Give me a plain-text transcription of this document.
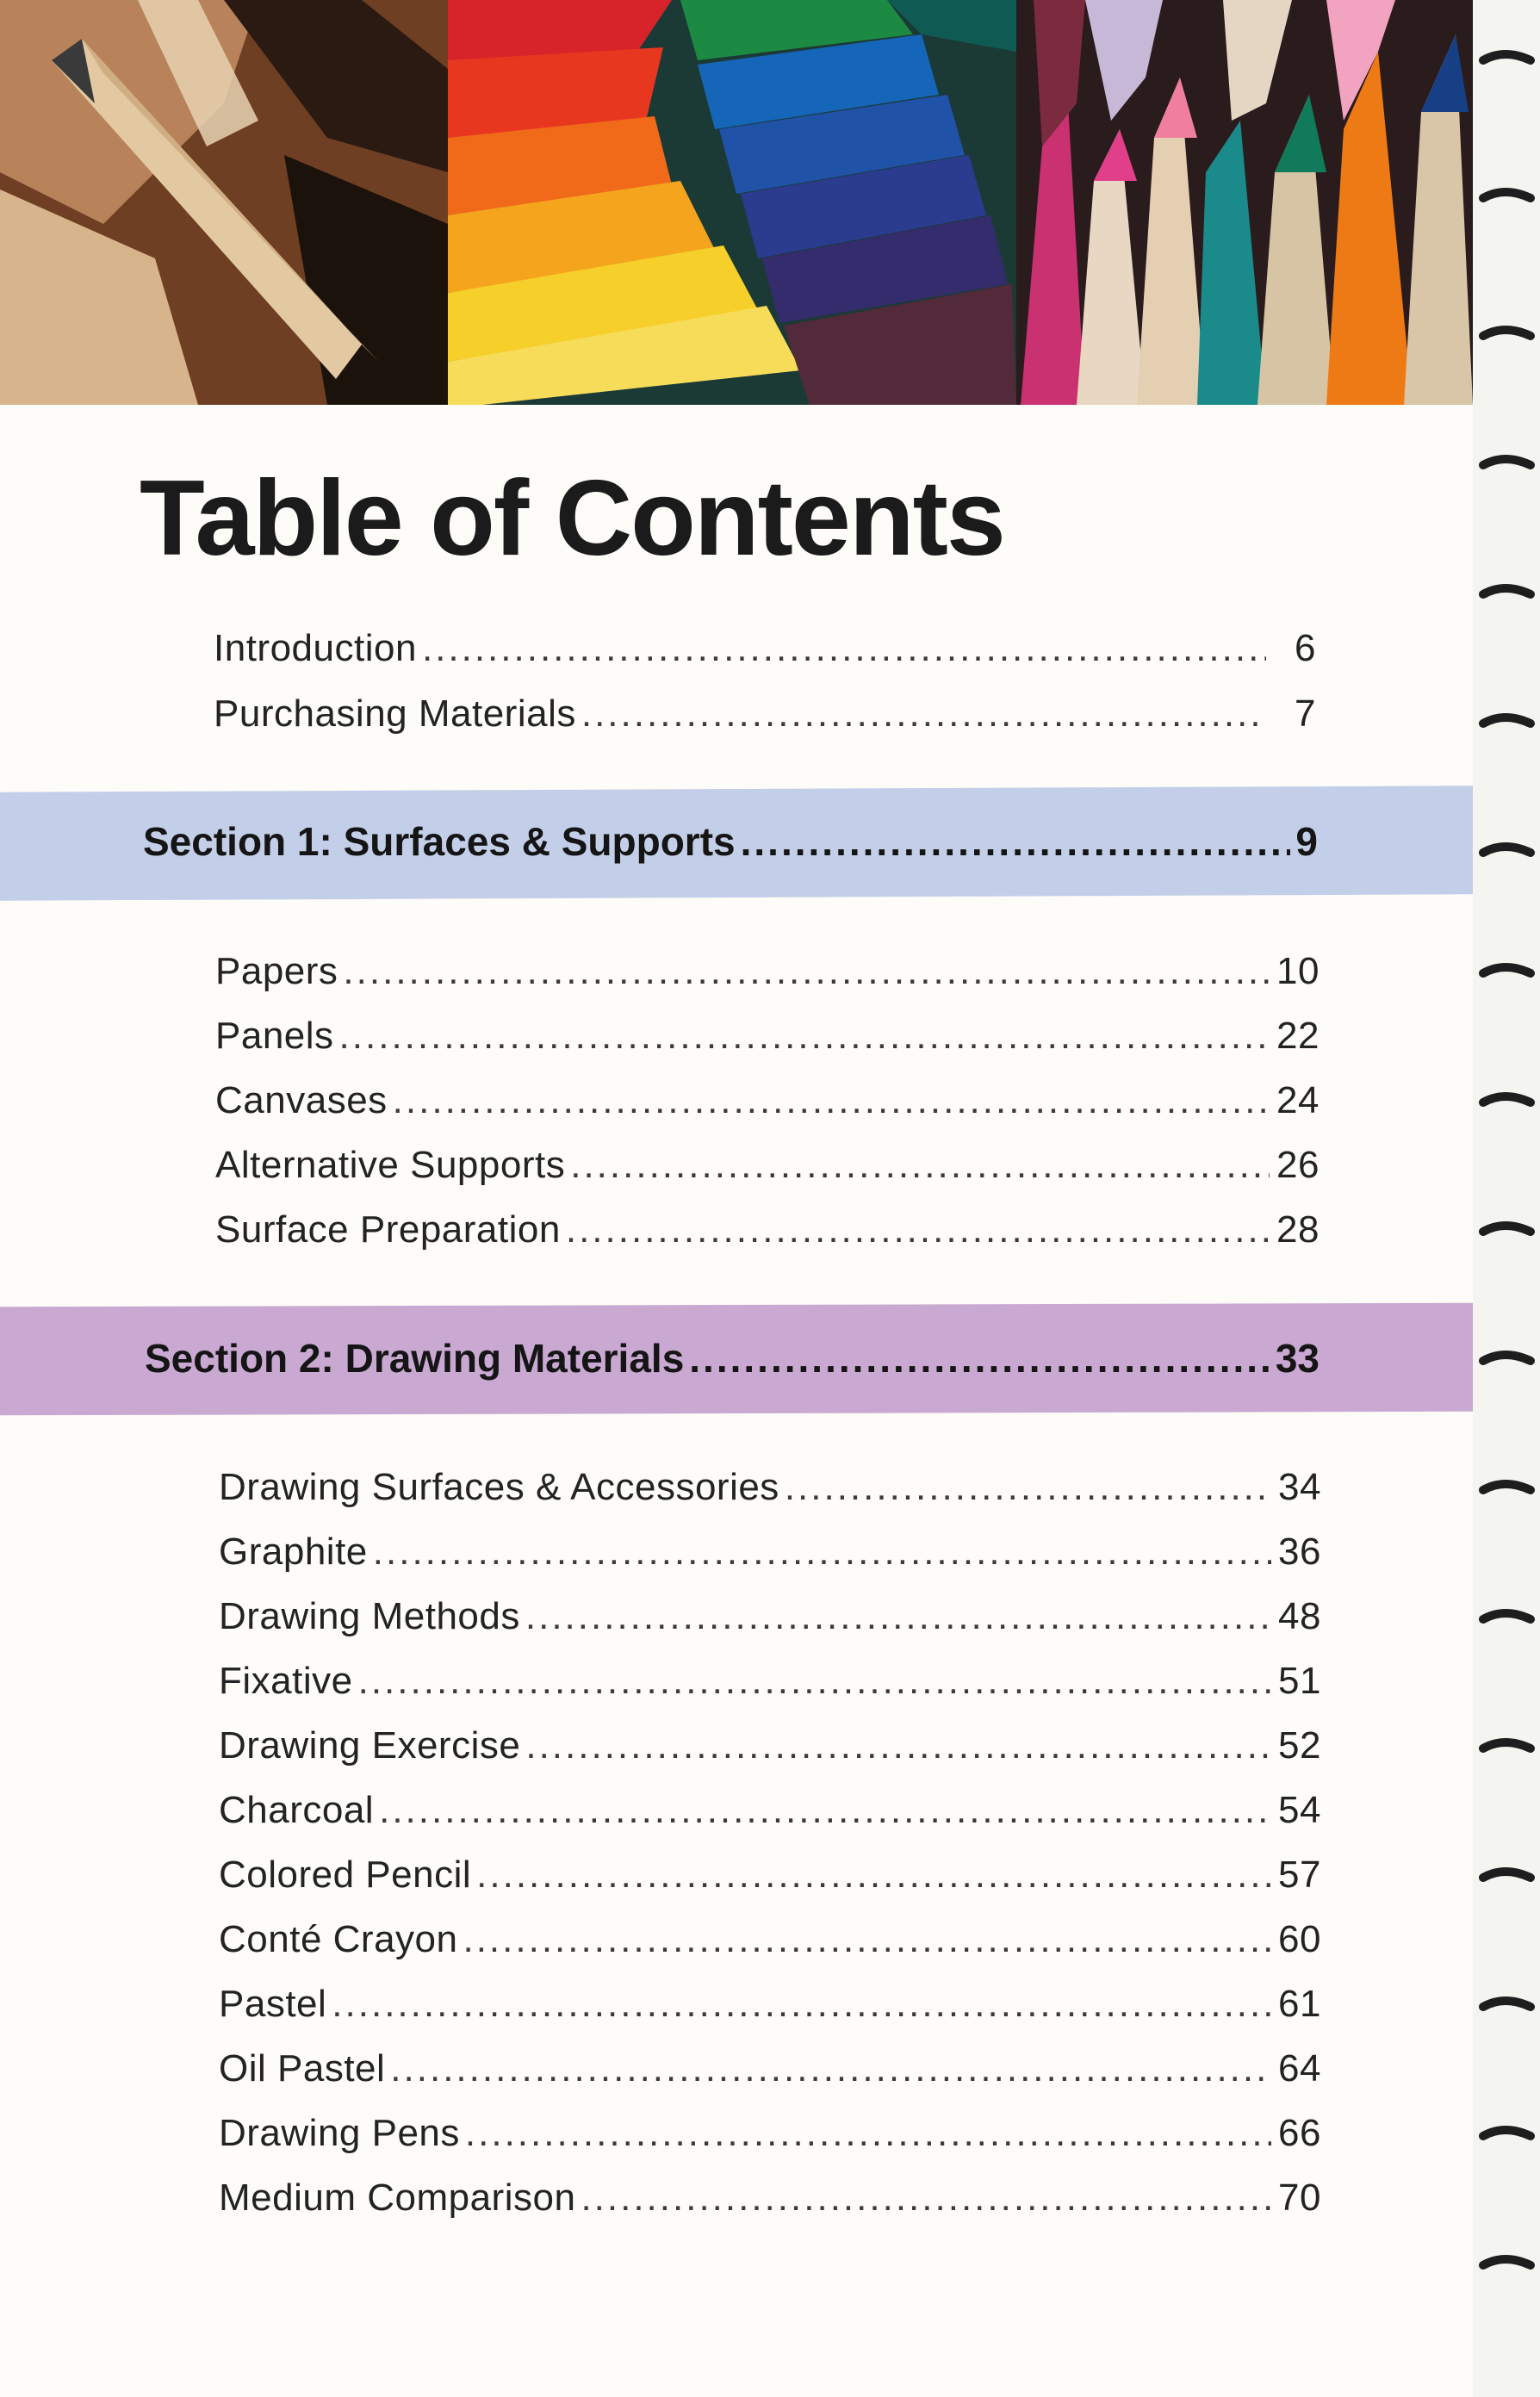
Table of Contents
Introduction .....	6
Purchasing Materials .....	7
Section 1: Surfaces & Supports .....	9
Papers .....	10
Panels .....	22
Canvases .....	24
Alternative Supports .....	26
Surface Preparation .....	28
Section 2: Drawing Materials .....	33
Drawing Surfaces & Accessories .....	34
Graphite .....	36
Drawing Methods .....	48
Fixative .....	51
Drawing Exercise .....	52
Charcoal .....	54
Colored Pencil .....	57
Conté Crayon .....	60
Pastel .....	61
Oil Pastel .....	64
Drawing Pens .....	66
Medium Comparison .....	70
